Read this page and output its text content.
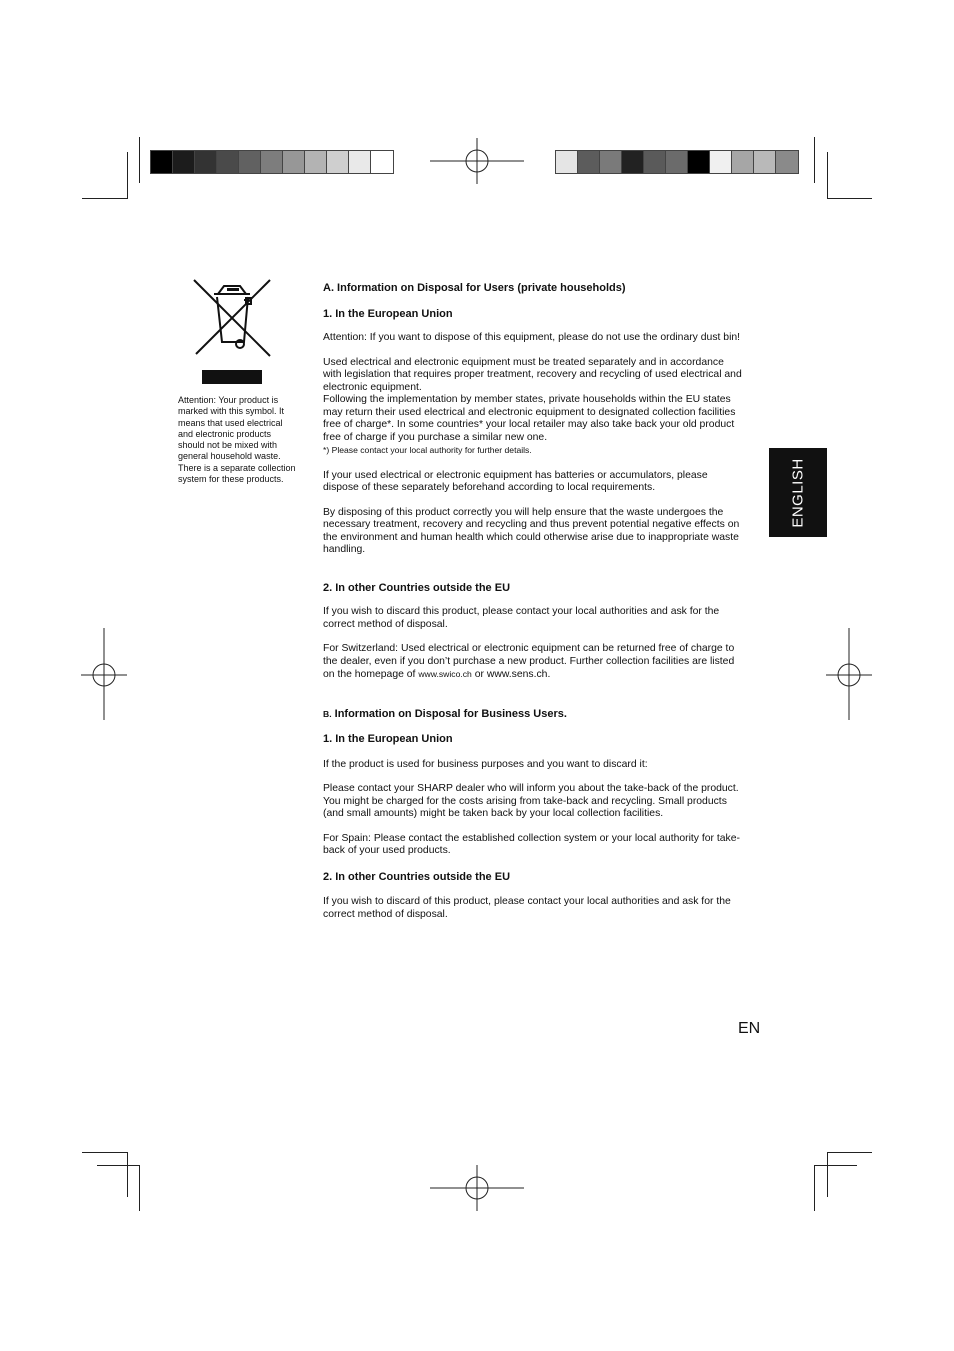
Attention: Your product is marked with this symbol. It means that used electrical and electronic products should not be mixed with general household waste. There is a separate collection system for these products.

A. Information on Disposal for Users (private households)

1. In the European Union

Attention: If you want to dispose of this equipment, please do not use the ordinary dust bin!

Used electrical and electronic equipment must be treated separately and in accordance with legislation that requires proper treatment, recovery and recycling of used electrical and electronic equipment.

Following the implementation by member states, private households within the EU states may return their used electrical and electronic equipment to designated collection facilities free of charge*. In some countries* your local retailer may also take back your old product free of charge if you purchase a similar new one.

*) Please contact your local authority for further details.

If your used electrical or electronic equipment has batteries or accumulators, please dispose of these separately beforehand according to local requirements.

By disposing of this product correctly you will help ensure that the waste undergoes the necessary treatment, recovery and recycling and thus prevent potential negative effects on the environment and human health which could otherwise arise due to inappropriate waste handling.

2. In other Countries outside the EU

If you wish to discard this product, please contact your local authorities and ask for the correct method of disposal.

For Switzerland: Used electrical or electronic equipment can be returned free of charge to the dealer, even if you don’t purchase a new product. Further collection facilities are listed on the homepage of www.swico.ch or www.sens.ch.

B. Information on Disposal for Business Users.

1. In the European Union

If the product is used for business purposes and you want to discard it:

Please contact your SHARP dealer who will inform you about the take-back of the product. You might be charged for the costs arising from take-back and recycling. Small products (and small amounts) might be taken back by your local collection facilities.

For Spain: Please contact the established collection system or your local authority for take-back of your used products.

2. In other Countries outside the EU

If you wish to discard of this product, please contact your local authorities and ask for the correct method of disposal.

ENGLISH
EN
